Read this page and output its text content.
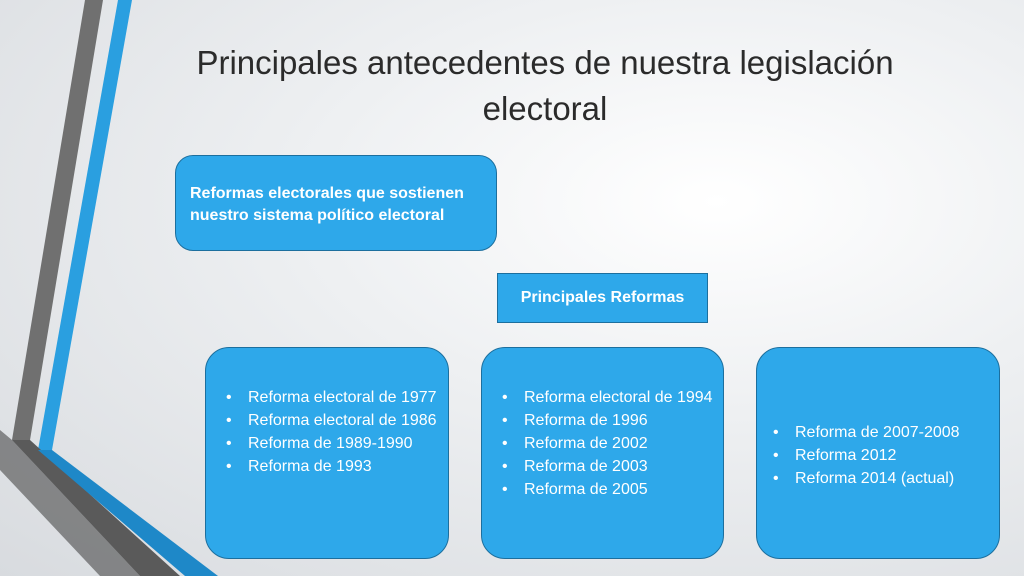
Principales antecedentes de nuestra legislación electoral
Reformas electorales que sostienen nuestro sistema político electoral
Principales Reformas
• Reforma electoral de 1977
• Reforma electoral de 1986
• Reforma de 1989-1990
• Reforma de 1993
• Reforma electoral de 1994
• Reforma de 1996
• Reforma de 2002
• Reforma de 2003
• Reforma de 2005
• Reforma de 2007-2008
• Reforma 2012
• Reforma 2014 (actual)
